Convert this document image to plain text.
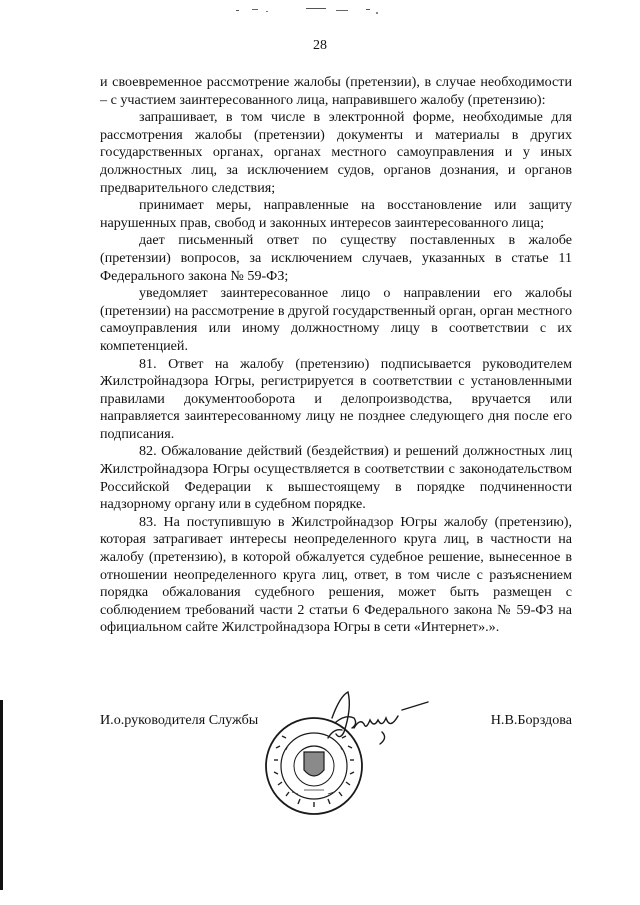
28

и своевременное рассмотрение жалобы (претензии), в случае необходимости – с участием заинтересованного лица, направившего жалобу (претензию):

запрашивает, в том числе в электронной форме, необходимые для рассмотрения жалобы (претензии) документы и материалы в других государственных органах, органах местного самоуправления и у иных должностных лиц, за исключением судов, органов дознания, и органов предварительного следствия;

принимает меры, направленные на восстановление или защиту нарушенных прав, свобод и законных интересов заинтересованного лица;

дает письменный ответ по существу поставленных в жалобе (претензии) вопросов, за исключением случаев, указанных в статье 11 Федерального закона № 59-ФЗ;

уведомляет заинтересованное лицо о направлении его жалобы (претензии) на рассмотрение в другой государственный орган, орган местного самоуправления или иному должностному лицу в соответствии с их компетенцией.

81. Ответ на жалобу (претензию) подписывается руководителем Жилстройнадзора Югры, регистрируется в соответствии с установленными правилами документооборота и делопроизводства, вручается или направляется заинтересованному лицу не позднее следующего дня после его подписания.

82. Обжалование действий (бездействия) и решений должностных лиц Жилстройнадзора Югры осуществляется в соответствии с законодательством Российской Федерации к вышестоящему в порядке подчиненности надзорному органу или в судебном порядке.

83. На поступившую в Жилстройнадзор Югры жалобу (претензию), которая затрагивает интересы неопределенного круга лиц, в частности на жалобу (претензию), в которой обжалуется судебное решение, вынесенное в отношении неопределенного круга лиц, ответ, в том числе с разъяснением порядка обжалования судебного решения, может быть размещен с соблюдением требований части 2 статьи 6 Федерального закона № 59-ФЗ на официальном сайте Жилстройнадзора Югры в сети «Интернет».».

И.о.руководителя Службы	Н.В.Борздова
